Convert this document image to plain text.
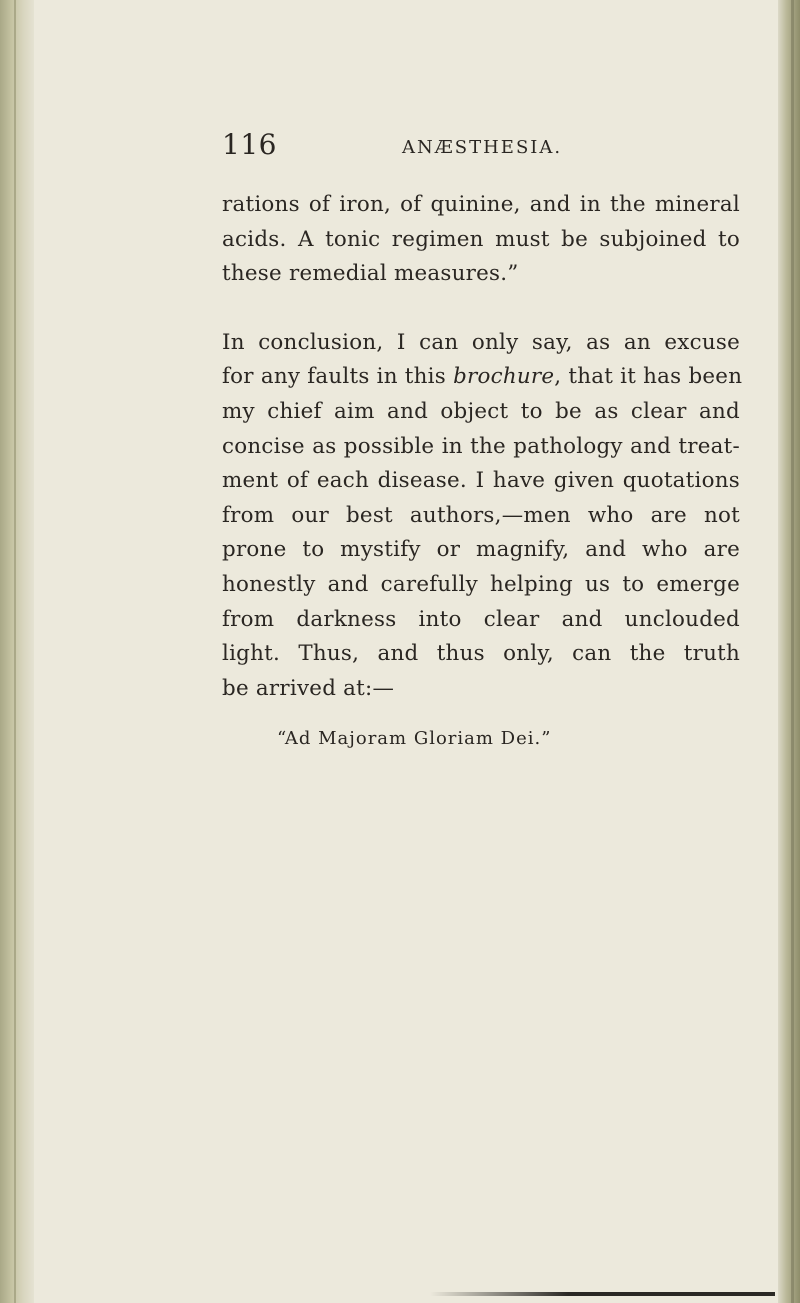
116	ANÆSTHESIA.

rations of iron, of quinine, and in the mineral
acids. A tonic regimen must be subjoined to
these remedial measures.”

In conclusion, I can only say, as an excuse
for any faults in this brochure, that it has been
my chief aim and object to be as clear and
concise as possible in the pathology and treat-
ment of each disease. I have given quotations
from our best authors,—men who are not
prone to mystify or magnify, and who are
honestly and carefully helping us to emerge
from darkness into clear and unclouded
light. Thus, and thus only, can the truth
be arrived at:—

“Ad Majoram Gloriam Dei.”
